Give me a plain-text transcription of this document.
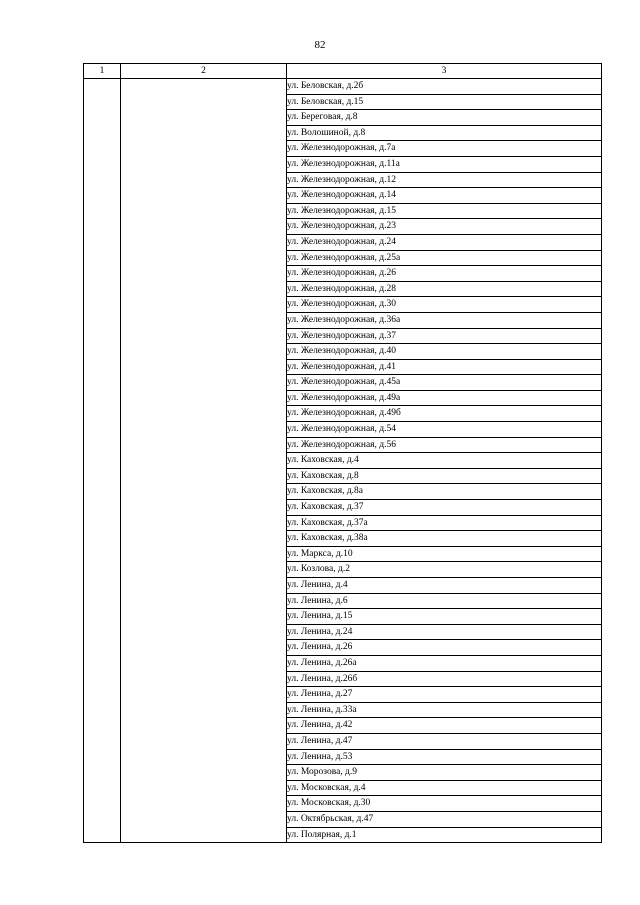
82
1	2	3
		ул. Беловская, д.2б
		ул. Беловская, д.15
		ул. Береговая, д.8
		ул. Волошиной, д.8
		ул. Железнодорожная, д.7а
		ул. Железнодорожная, д.11а
		ул. Железнодорожная, д.12
		ул. Железнодорожная, д.14
		ул. Железнодорожная, д.15
		ул. Железнодорожная, д.23
		ул. Железнодорожная, д.24
		ул. Железнодорожная, д.25а
		ул. Железнодорожная, д.26
		ул. Железнодорожная, д.28
		ул. Железнодорожная, д.30
		ул. Железнодорожная, д.36а
		ул. Железнодорожная, д.37
		ул. Железнодорожная, д.40
		ул. Железнодорожная, д.41
		ул. Железнодорожная, д.45а
		ул. Железнодорожная, д.49а
		ул. Железнодорожная, д.49б
		ул. Железнодорожная, д.54
		ул. Железнодорожная, д.56
		ул. Каховская, д.4
		ул. Каховская, д.8
		ул. Каховская, д.8а
		ул. Каховская, д.37
		ул. Каховская, д.37а
		ул. Каховская, д.38а
		ул. Маркса, д.10
		ул. Козлова, д.2
		ул. Ленина, д.4
		ул. Ленина, д.6
		ул. Ленина, д.15
		ул. Ленина, д.24
		ул. Ленина, д.26
		ул. Ленина, д.26а
		ул. Ленина, д.26б
		ул. Ленина, д.27
		ул. Ленина, д.33а
		ул. Ленина, д.42
		ул. Ленина, д.47
		ул. Ленина, д.53
		ул. Морозова, д.9
		ул. Московская, д.4
		ул. Московская, д.30
		ул. Октябрьская, д.47
		ул. Полярная, д.1
